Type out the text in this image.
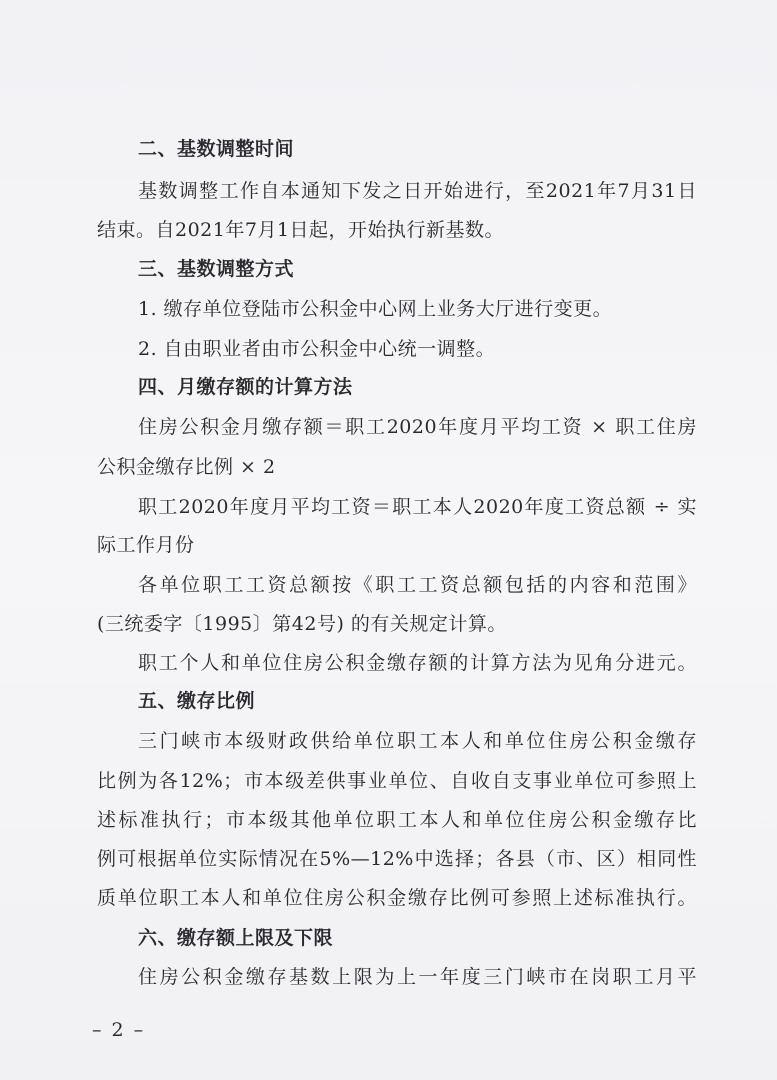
二、基数调整时间
基数调整工作自本通知下发之日开始进行，至2021年7月31日
结束。自2021年7月1日起，开始执行新基数。
三、基数调整方式
1. 缴存单位登陆市公积金中心网上业务大厅进行变更。
2. 自由职业者由市公积金中心统一调整。
四、月缴存额的计算方法
住房公积金月缴存额＝职工2020年度月平均工资 × 职工住房
公积金缴存比例 × 2
职工2020年度月平均工资＝职工本人2020年度工资总额 ÷ 实
际工作月份
各单位职工工资总额按《职工工资总额包括的内容和范围》
(三统委字〔1995〕第42号) 的有关规定计算。
职工个人和单位住房公积金缴存额的计算方法为见角分进元。
五、缴存比例
三门峡市本级财政供给单位职工本人和单位住房公积金缴存
比例为各12%；市本级差供事业单位、自收自支事业单位可参照上
述标准执行；市本级其他单位职工本人和单位住房公积金缴存比
例可根据单位实际情况在5%—12%中选择；各县（市、区）相同性
质单位职工本人和单位住房公积金缴存比例可参照上述标准执行。
六、缴存额上限及下限
住房公积金缴存基数上限为上一年度三门峡市在岗职工月平
– 2 –
